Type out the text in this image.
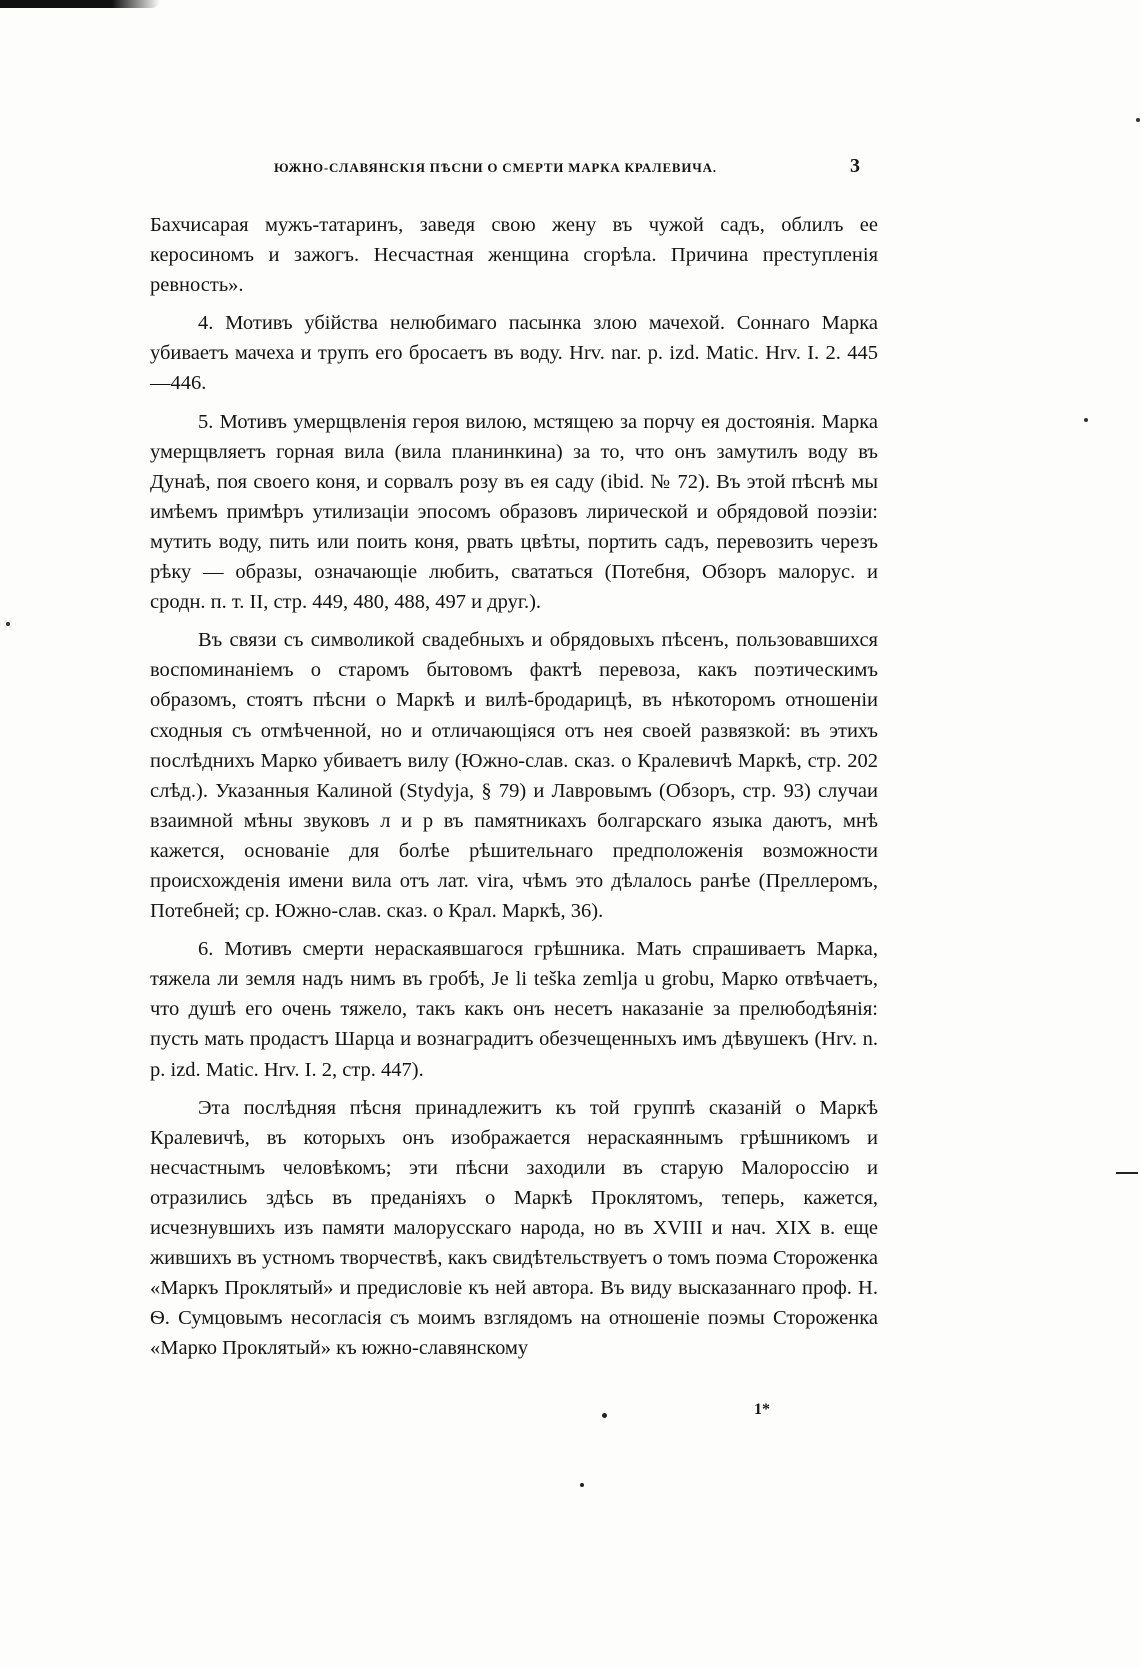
ЮЖНО-СЛАВЯНСКІЯ ПѢСНИ О СМЕРТИ МАРКА КРАЛЕВИЧА.	3

Бахчисарая мужъ-татаринъ, заведя свою жену въ чужой садъ, облилъ ее керосиномъ и зажогъ. Несчастная женщина сгорѣла. Причина преступленія ревность».

4. Мотивъ убійства нелюбимаго пасынка злою мачехой. Соннаго Марка убиваетъ мачеха и трупъ его бросаетъ въ воду. Hrv. nar. p. izd. Matic. Hrv. I. 2. 445—446.

5. Мотивъ умерщвленія героя вилою, мстящею за порчу ея достоянія. Марка умерщвляетъ горная вила (вила планинкина) за то, что онъ замутилъ воду въ Дунаѣ, поя своего коня, и сорвалъ розу въ ея саду (ibid. № 72). Въ этой пѣснѣ мы имѣемъ примѣръ утилизаціи эпосомъ образовъ лирической и обрядовой поэзіи: мутить воду, пить или поить коня, рвать цвѣты, портить садъ, перевозить черезъ рѣку — образы, означающіе любить, свататься (Потебня, Обзоръ малорус. и сродн. п. т. II, стр. 449, 480, 488, 497 и друг.).

Въ связи съ символикой свадебныхъ и обрядовыхъ пѣсенъ, пользовавшихся воспоминаніемъ о старомъ бытовомъ фактѣ перевоза, какъ поэтическимъ образомъ, стоятъ пѣсни о Маркѣ и вилѣ-бродарицѣ, въ нѣкоторомъ отношеніи сходныя съ отмѣченной, но и отличающіяся отъ нея своей развязкой: въ этихъ послѣднихъ Марко убиваетъ вилу (Южно-слав. сказ. о Кралевичѣ Маркѣ, стр. 202 слѣд.). Указанныя Калиной (Stydyja, § 79) и Лавровымъ (Обзоръ, стр. 93) случаи взаимной мѣны звуковъ л и р въ памятникахъ болгарскаго языка даютъ, мнѣ кажется, основаніе для болѣе рѣшительнаго предположенія возможности происхожденія имени вила отъ лат. vira, чѣмъ это дѣлалось ранѣе (Преллеромъ, Потебней; ср. Южно-слав. сказ. о Крал. Маркѣ, 36).

6. Мотивъ смерти нераскаявшагося грѣшника. Мать спрашиваетъ Марка, тяжела ли земля надъ нимъ въ гробѣ, Je li teška zemlja u grobu, Марко отвѣчаетъ, что душѣ его очень тяжело, такъ какъ онъ несетъ наказаніе за прелюбодѣянія: пусть мать продастъ Шарца и вознаградитъ обезчещенныхъ имъ дѣвушекъ (Hrv. n. p. izd. Matic. Hrv. I. 2, стр. 447).

Эта послѣдняя пѣсня принадлежитъ къ той группѣ сказаній о Маркѣ Кралевичѣ, въ которыхъ онъ изображается нераскаяннымъ грѣшникомъ и несчастнымъ человѣкомъ; эти пѣсни заходили въ старую Малороссію и отразились здѣсь въ преданіяхъ о Маркѣ Проклятомъ, теперь, кажется, исчезнувшихъ изъ памяти малорусскаго народа, но въ XVIII и нач. XIX в. еще жившихъ въ устномъ творчествѣ, какъ свидѣтельствуетъ о томъ поэма Стороженка «Маркъ Проклятый» и предисловіе къ ней автора. Въ виду высказаннаго проф. Н. Ѳ. Сумцовымъ несогласія съ моимъ взглядомъ на отношеніе поэмы Стороженка «Марко Проклятый» къ южно-славянскому

1*
